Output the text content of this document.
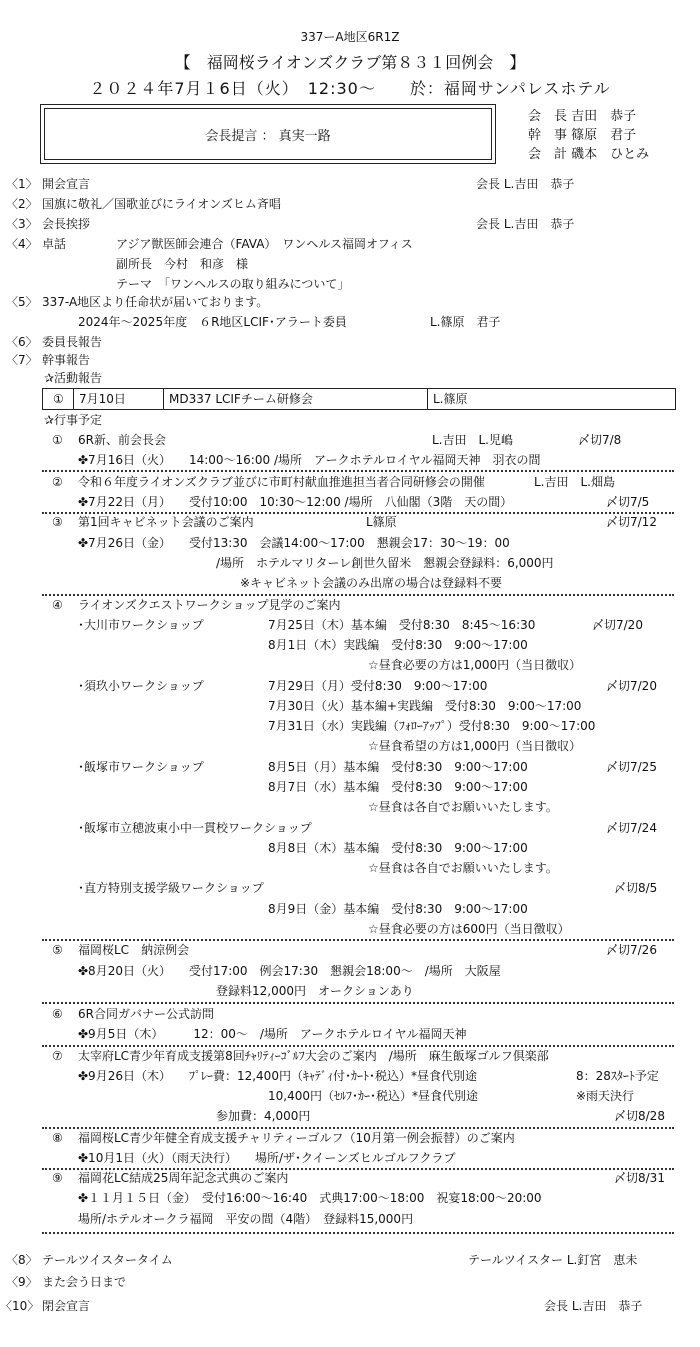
337ーA地区6R1Z
【　福岡桜ライオンズクラブ第８３１回例会　】
２０２４年7月１6日（火）　12:30～　　於：福岡サンパレスホテル
会長提言 ： 真実一路
会　長 吉田　恭子
幹　事 篠原　君子
会　計 磯本　ひとみ
〈1〉 開会宣言	会長 L.吉田　恭子
〈2〉 国旗に敬礼／国歌並びにライオンズヒム斉唱
〈3〉 会長挨拶	会長 L.吉田　恭子
〈4〉 卓話	アジア獣医師会連合（FAVA）　ワンヘルス福岡オフィス
副所長　今村　和彦　様
テーマ　「ワンヘルスの取り組みについて」
〈5〉 337-A地区より任命状が届いております。
2024年～2025年度　６R地区LCIF･アラート委員	L.篠原　君子
〈6〉 委員長報告
〈7〉 幹事報告
✰活動報告
① 7月10日	MD337 LCIFチーム研修会	L.篠原
✰行事予定
① 6R新、前会長会	L.吉田　L.児嶋	〆切7/8
✤7月16日（火）　　14:00～16:00 /場所　アークホテルロイヤル福岡天神　羽衣の間
② 令和６年度ライオンズクラブ並びに市町村献血推進担当者合同研修会の開催	L.吉田　L.畑島
✤7月22日（月）　　受付10:00　10:30～12:00 /場所　八仙閣（3階　天の間）	〆切7/5
③ 第1回キャビネット会議のご案内	L篠原	〆切7/12
✤7月26日（金）　　受付13:30　会議14:00～17:00　懇親会17：30～19：00
/場所　ホテルマリターレ創世久留米　懇親会登録料：6,000円
※キャビネット会議のみ出席の場合は登録料不要
④ ライオンズクエストワークショップ見学のご案内
･大川市ワークショップ	7月25日（木）基本編　受付8:30　8:45～16:30	〆切7/20
8月1日（木）実践編　受付8:30　9:00～17:00
☆昼食必要の方は1,000円（当日徴収）
･須玖小ワークショップ	7月29日（月）受付8:30　9:00～17:00	〆切7/20
7月30日（火）基本編+実践編　受付8:30　9:00～17:00
7月31日（水）実践編（ﾌｫﾛｰｱｯﾌﾟ）受付8:30　9:00～17:00
☆昼食希望の方は1,000円（当日徴収）
･飯塚市ワークショップ	8月5日（月）基本編　受付8:30　9:00～17:00	〆切7/25
8月7日（水）基本編　受付8:30　9:00～17:00
☆昼食は各自でお願いいたします。
･飯塚市立穂波東小中一貫校ワークショップ	〆切7/24
8月8日（木）基本編　受付8:30　9:00～17:00
☆昼食は各自でお願いいたします。
･直方特別支援学級ワークショップ	〆切8/5
8月9日（金）基本編　受付8:30　9:00～17:00
☆昼食必要の方は600円（当日徴収）
⑤ 福岡桜LC　納涼例会	〆切7/26
✤8月20日（火）　　受付17:00　例会17:30　懇親会18:00～　/場所　大阪屋
登録料12,000円　オークションあり
⑥ 6R合同ガバナー公式訪問
✤9月5日（木）　　　12：00～　/場所　アークホテルロイヤル福岡天神
⑦ 太宰府LC青少年育成支援第8回ﾁｬﾘﾃｨｰｺﾞﾙﾌ大会のご案内　/場所　麻生飯塚ゴルフ倶楽部
✤9月26日（木）　　ﾌﾟﾚｰ費：12,400円（ｷｬﾃﾞｨ付･ｶｰﾄ･税込）*昼食代別途	8：28ｽﾀｰﾄ予定
10,400円（ｾﾙﾌ･ｶｰ･税込）*昼食代別途	※雨天決行
参加費：4,000円	〆切8/28
⑧ 福岡桜LC青少年健全育成支援チャリティーゴルフ（10月第一例会振替）のご案内
✤10月1日（火）（雨天決行）　　場所/ザ･クイーンズヒルゴルフクラブ
⑨ 福岡花LC結成25周年記念式典のご案内	〆切8/31
✤１１月１５日（金）　受付16:00～16:40　式典17:00～18:00　祝宴18:00～20:00
場所/ホテルオークラ福岡　平安の間（4階）　登録料15,000円
〈8〉 テールツイスタータイム	テールツイスター L.釘宮　恵未
〈9〉 また会う日まで
〈10〉 閉会宣言	会長 L.吉田　恭子
